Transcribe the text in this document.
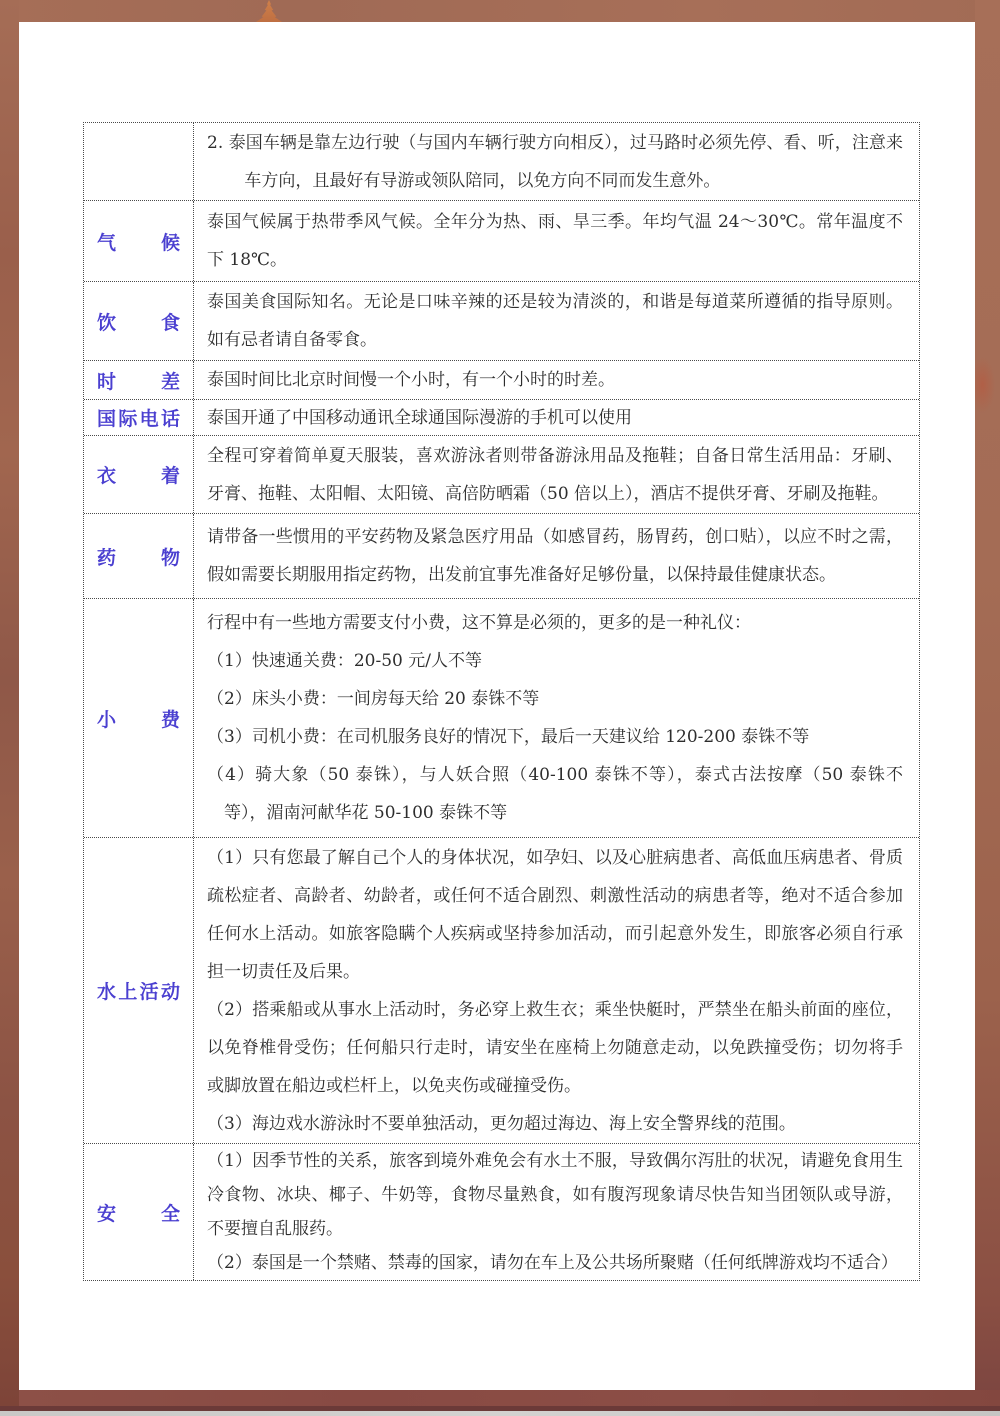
2. 泰国车辆是靠左边行驶（与国内车辆行驶方向相反），过马路时必须先停、看、听，注意来车方向，且最好有导游或领队陪同，以免方向不同而发生意外。

气 候

泰国气候属于热带季风气候。全年分为热、雨、旱三季。年均气温 24～30℃。常年温度不下 18℃。

饮 食

泰国美食国际知名。无论是口味辛辣的还是较为清淡的，和谐是每道菜所遵循的指导原则。如有忌者请自备零食。

时 差 泰国时间比北京时间慢一个小时，有一个小时的时差。

国 际 电 话 泰国开通了中国移动通讯全球通国际漫游的手机可以使用

衣 着

全程可穿着简单夏天服装，喜欢游泳者则带备游泳用品及拖鞋；自备日常生活用品：牙刷、牙膏、拖鞋、太阳帽、太阳镜、高倍防晒霜（50 倍以上），酒店不提供牙膏、牙刷及拖鞋。

药 物

请带备一些惯用的平安药物及紧急医疗用品（如感冒药，肠胃药，创口贴），以应不时之需，假如需要长期服用指定药物，出发前宜事先准备好足够份量，以保持最佳健康状态。

小 费

行程中有一些地方需要支付小费，这不算是必须的，更多的是一种礼仪：

（1）快速通关费：20-50 元/人不等

（2）床头小费：一间房每天给 20 泰铢不等

（3）司机小费：在司机服务良好的情况下，最后一天建议给 120-200 泰铢不等

（4）骑大象（50 泰铢），与人妖合照（40-100 泰铢不等），泰式古法按摩（50 泰铢不等），湄南河献华花 50-100 泰铢不等

水 上 活 动

（1）只有您最了解自己个人的身体状况，如孕妇、以及心脏病患者、高低血压病患者、骨质疏松症者、高龄者、幼龄者，或任何不适合剧烈、刺激性活动的病患者等，绝对不适合参加任何水上活动。如旅客隐瞒个人疾病或坚持参加活动，而引起意外发生，即旅客必须自行承担一切责任及后果。

（2）搭乘船或从事水上活动时，务必穿上救生衣；乘坐快艇时，严禁坐在船头前面的座位，以免脊椎骨受伤；任何船只行走时，请安坐在座椅上勿随意走动，以免跌撞受伤；切勿将手或脚放置在船边或栏杆上，以免夹伤或碰撞受伤。

（3）海边戏水游泳时不要单独活动，更勿超过海边、海上安全警界线的范围。

安 全

（1）因季节性的关系，旅客到境外难免会有水土不服，导致偶尔泻肚的状况，请避免食用生冷食物、冰块、椰子、牛奶等，食物尽量熟食，如有腹泻现象请尽快告知当团领队或导游，不要擅自乱服药。

（2）泰国是一个禁赌、禁毒的国家，请勿在车上及公共场所聚赌（任何纸牌游戏均不适合）
